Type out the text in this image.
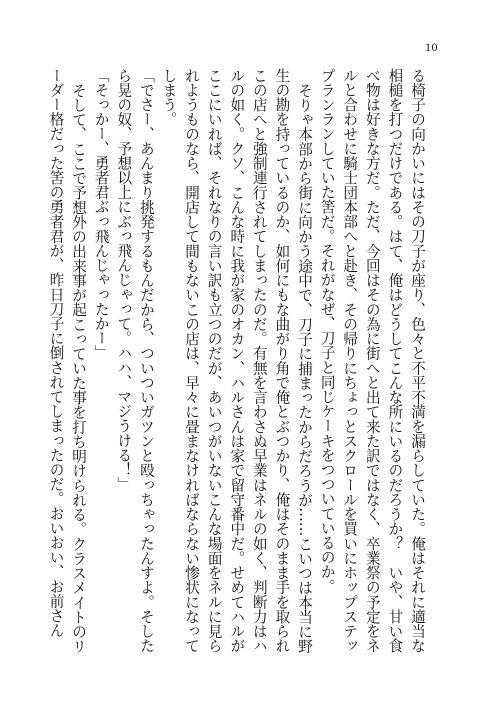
10

る椅子の向かいにはその刀子が座り、色々と不平不満を漏らしていた。俺はそれに適当な相槌を打つだけである。はて、俺はどうしてこんな所にいるのだろうか？　いや、甘い食べ物は好きな方だ。ただ、今回はその為に街へと出て来た訳ではなく、卒業祭の予定をネルと合わせに騎士団本部へと赴き、その帰りにちょっとスクロールを買いにホップステップランランしていた筈だ。それがなぜ、刀子と同じケーキをつついているのか。

そりゃ本部から街に向かう途中で、刀子に捕まったからだろうが……こいつは本当に野生の勘を持っているのか、如何にもな曲がり角で俺とぶつかり、俺はそのまま手を取られこの店へと強制連行されてしまったのだ。有無を言わさぬ早業はネルの如く、判断力はハルの如く。クソ、こんな時に我が家のオカン、ハルさんは家で留守番中だ。せめてハルがここにいれば、それなりの言い訳も立つのだが、あいつがいないこんな場面をネルに見られようものなら、開店して間もないこの店は、早々に畳まなければならない惨状になってしまう。

「でさー、あんまり挑発するもんだから、ついついガツンと殴っちゃったんすよ。そしたら晃の奴、予想以上にぶっ飛んじゃって。ハハ、マジうける！」

「そっかー、勇者君ぶっ飛んじゃったかー」

そして、ここで予想外の出来事が起こっていた事を打ち明けられる。クラスメイトのリーダー格だった筈の勇者君が、昨日刀子に倒されてしまったのだ。おいおい、お前さん
